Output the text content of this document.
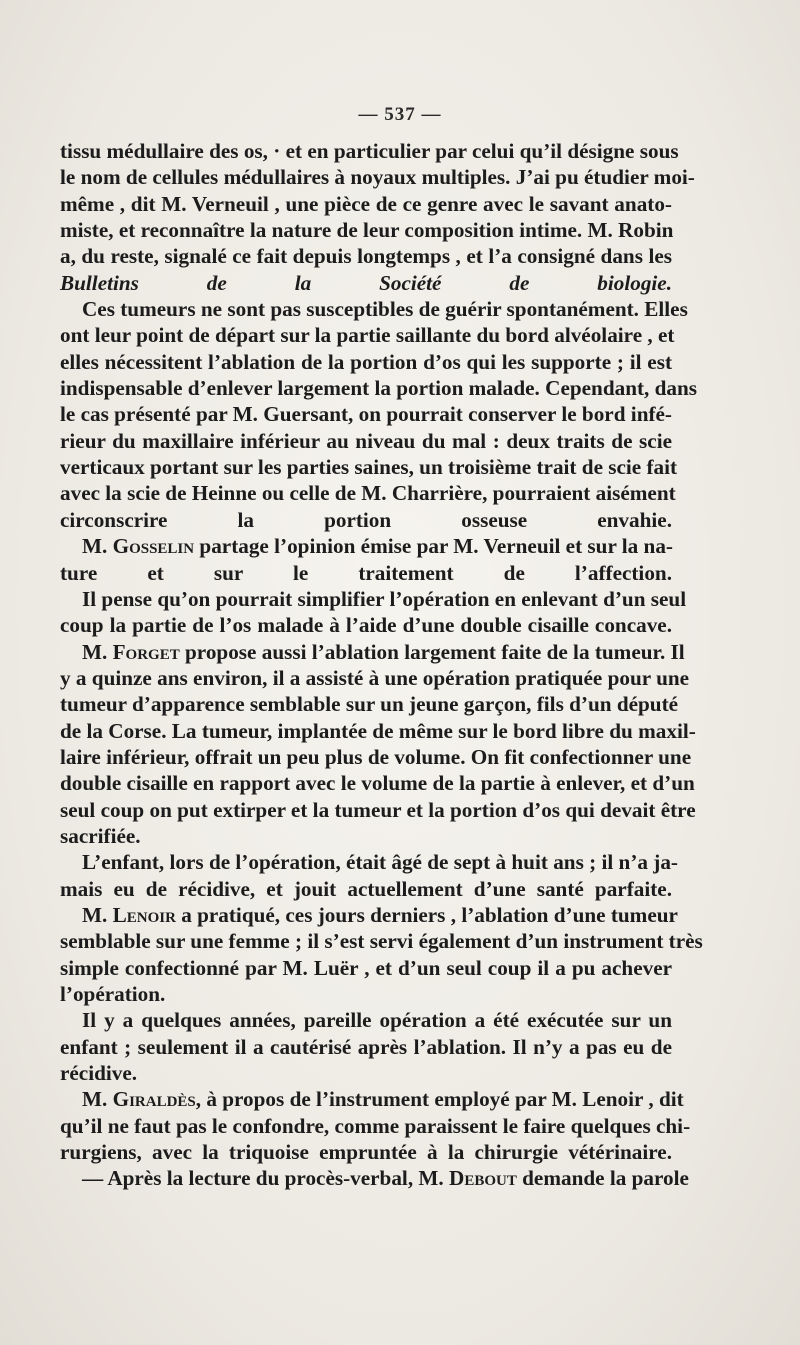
— 537 —
tissu médullaire des os, · et en particulier par celui qu’il désigne sous
le nom de cellules médullaires à noyaux multiples. J’ai pu étudier moi-
même , dit M. Verneuil , une pièce de ce genre avec le savant anato-
miste, et reconnaître la nature de leur composition intime. M. Robin
a, du reste, signalé ce fait depuis longtemps , et l’a consigné dans les
Bulletins de la Société de biologie.
Ces tumeurs ne sont pas susceptibles de guérir spontanément. Elles
ont leur point de départ sur la partie saillante du bord alvéolaire , et
elles nécessitent l’ablation de la portion d’os qui les supporte ; il est
indispensable d’enlever largement la portion malade. Cependant, dans
le cas présenté par M. Guersant, on pourrait conserver le bord infé-
rieur du maxillaire inférieur au niveau du mal : deux traits de scie
verticaux portant sur les parties saines, un troisième trait de scie fait
avec la scie de Heinne ou celle de M. Charrière, pourraient aisément
circonscrire la portion osseuse envahie.
M. Gosselin partage l’opinion émise par M. Verneuil et sur la na-
ture et sur le traitement de l’affection.
Il pense qu’on pourrait simplifier l’opération en enlevant d’un seul
coup la partie de l’os malade à l’aide d’une double cisaille concave.
M. Forget propose aussi l’ablation largement faite de la tumeur. Il
y a quinze ans environ, il a assisté à une opération pratiquée pour une
tumeur d’apparence semblable sur un jeune garçon, fils d’un député
de la Corse. La tumeur, implantée de même sur le bord libre du maxil-
laire inférieur, offrait un peu plus de volume. On fit confectionner une
double cisaille en rapport avec le volume de la partie à enlever, et d’un
seul coup on put extirper et la tumeur et la portion d’os qui devait être
sacrifiée.
L’enfant, lors de l’opération, était âgé de sept à huit ans ; il n’a ja-
mais eu de récidive, et jouit actuellement d’une santé parfaite.
M. Lenoir a pratiqué, ces jours derniers , l’ablation d’une tumeur
semblable sur une femme ; il s’est servi également d’un instrument très
simple confectionné par M. Luër , et d’un seul coup il a pu achever
l’opération.
Il y a quelques années, pareille opération a été exécutée sur un
enfant ; seulement il a cautérisé après l’ablation. Il n’y a pas eu de
récidive.
M. Giraldès, à propos de l’instrument employé par M. Lenoir , dit
qu’il ne faut pas le confondre, comme paraissent le faire quelques chi-
rurgiens, avec la triquoise empruntée à la chirurgie vétérinaire.
— Après la lecture du procès-verbal, M. Debout demande la parole
